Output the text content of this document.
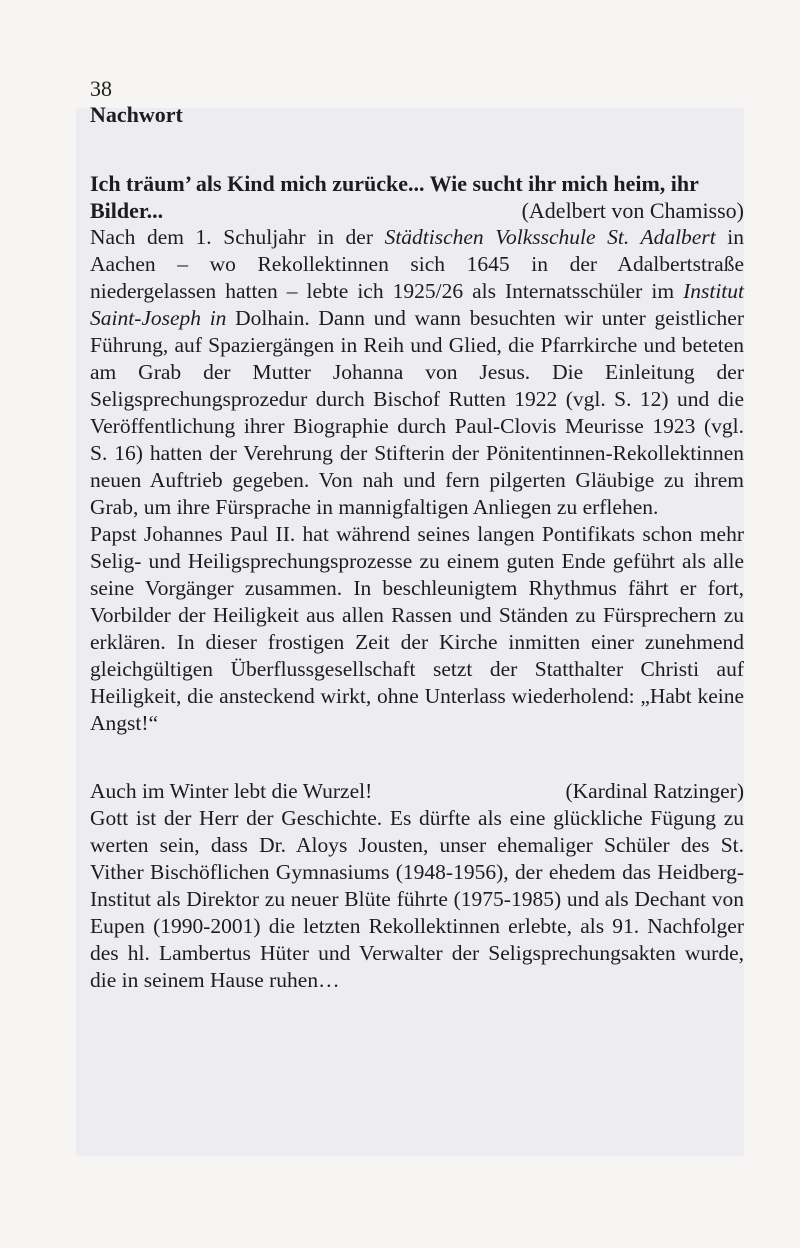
38
Nachwort
Ich träum’ als Kind mich zurücke... Wie sucht ihr mich heim, ihr
Bilder...	(Adelbert von Chamisso)

Nach dem 1. Schuljahr in der Städtischen Volksschule St. Adalbert in Aachen – wo Rekollektinnen sich 1645 in der Adalbertstraße niedergelassen hatten – lebte ich 1925/26 als Internatsschüler im Institut Saint-Joseph in Dolhain. Dann und wann besuchten wir unter geistlicher Führung, auf Spaziergängen in Reih und Glied, die Pfarrkirche und beteten am Grab der Mutter Johanna von Jesus. Die Einleitung der Seligsprechungsprozedur durch Bischof Rutten 1922 (vgl. S. 12) und die Veröffentlichung ihrer Biographie durch Paul-Clovis Meurisse 1923 (vgl. S. 16) hatten der Verehrung der Stifterin der Pönitentinnen-Rekollektinnen neuen Auftrieb gegeben. Von nah und fern pilgerten Gläubige zu ihrem Grab, um ihre Fürsprache in mannigfaltigen Anliegen zu erflehen.

Papst Johannes Paul II. hat während seines langen Pontifikats schon mehr Selig- und Heiligsprechungsprozesse zu einem guten Ende geführt als alle seine Vorgänger zusammen. In beschleunigtem Rhythmus fährt er fort, Vorbilder der Heiligkeit aus allen Rassen und Ständen zu Fürsprechern zu erklären. In dieser frostigen Zeit der Kirche inmitten einer zunehmend gleichgültigen Überflussgesellschaft setzt der Statthalter Christi auf Heiligkeit, die ansteckend wirkt, ohne Unterlass wiederholend: „Habt keine Angst!“

Auch im Winter lebt die Wurzel!	(Kardinal Ratzinger)

Gott ist der Herr der Geschichte. Es dürfte als eine glückliche Fügung zu werten sein, dass Dr. Aloys Jousten, unser ehemaliger Schüler des St. Vither Bischöflichen Gymnasiums (1948-1956), der ehedem das Heidberg-Institut als Direktor zu neuer Blüte führte (1975-1985) und als Dechant von Eupen (1990-2001) die letzten Rekollektinnen erlebte, als 91. Nachfolger des hl. Lambertus Hüter und Verwalter der Seligsprechungsakten wurde, die in seinem Hause ruhen…
